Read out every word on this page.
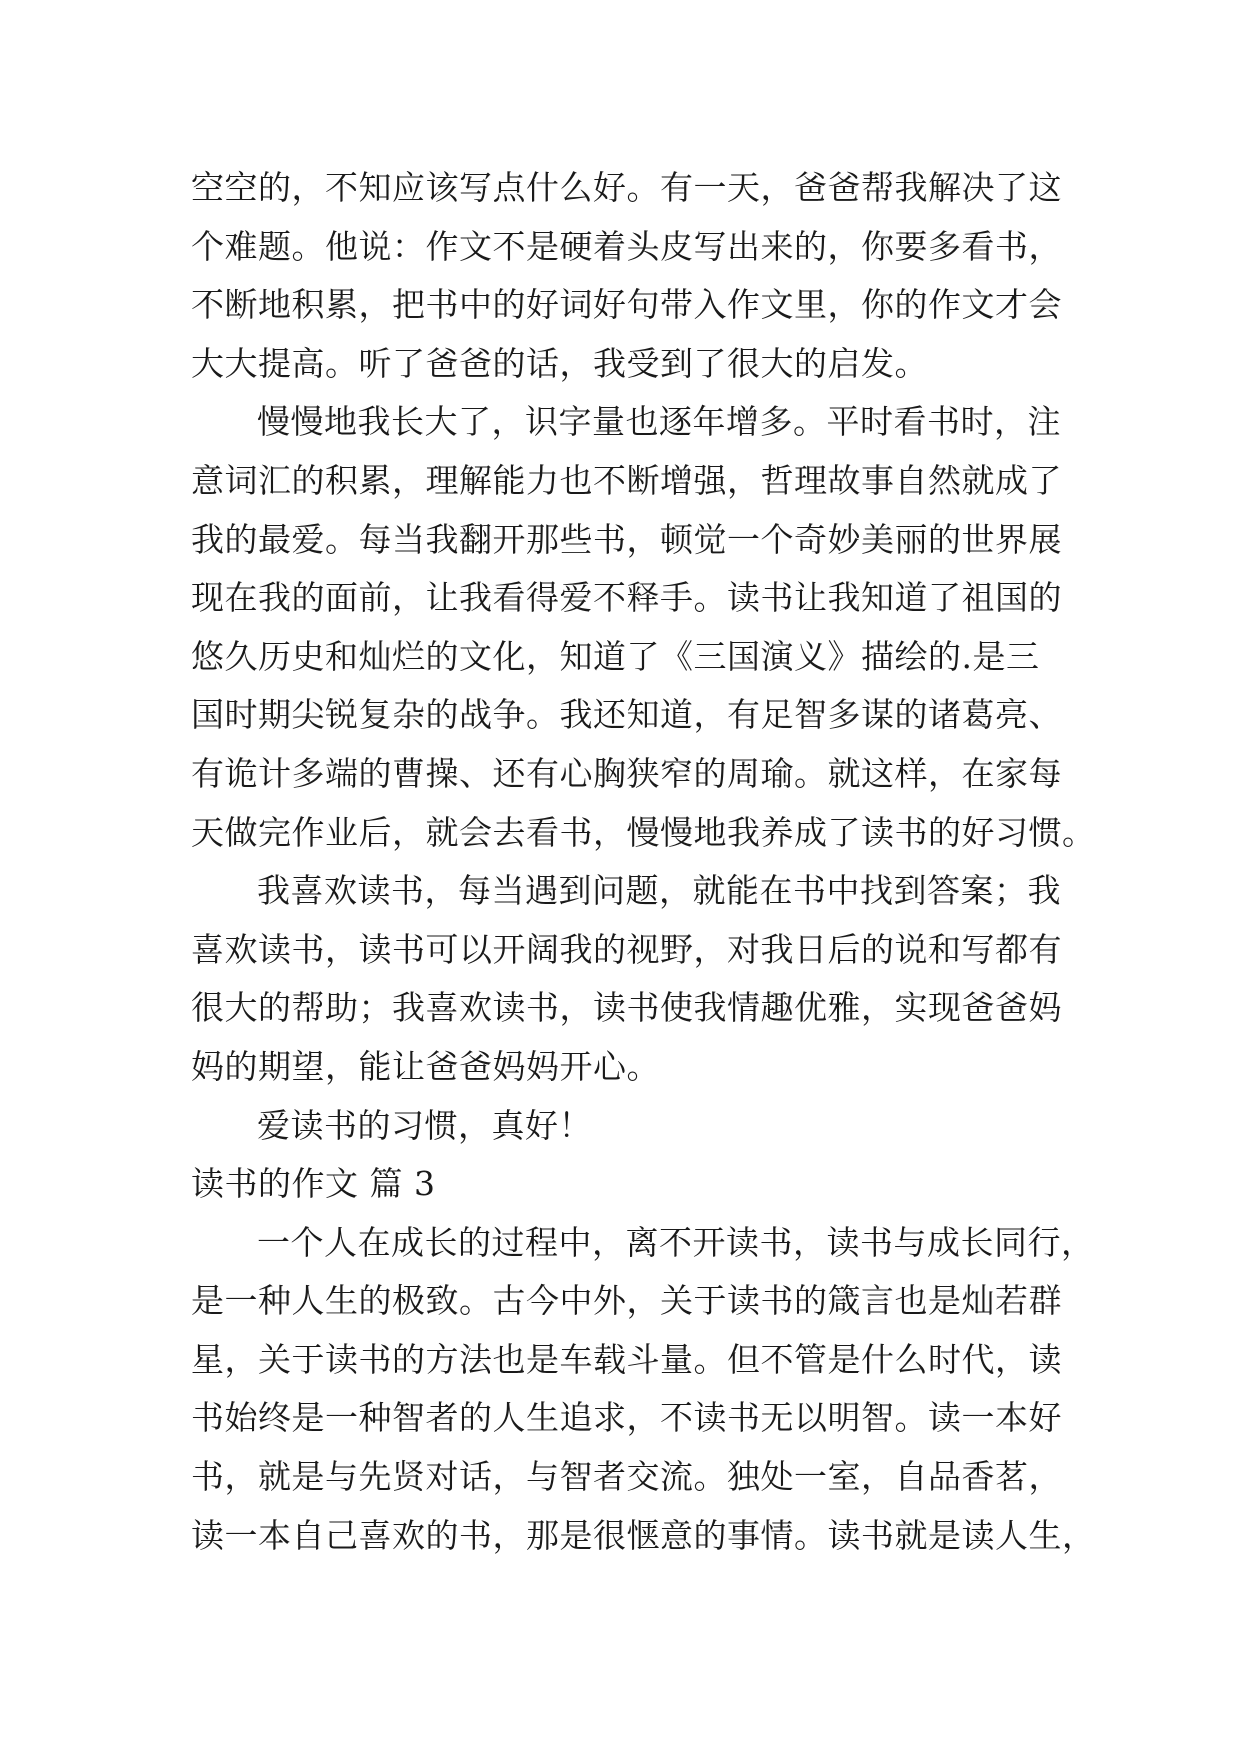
空空的，不知应该写点什么好。有一天，爸爸帮我解决了这
个难题。他说：作文不是硬着头皮写出来的，你要多看书，
不断地积累，把书中的好词好句带入作文里，你的作文才会
大大提高。听了爸爸的话，我受到了很大的启发。
慢慢地我长大了，识字量也逐年增多。平时看书时，注
意词汇的积累，理解能力也不断增强，哲理故事自然就成了
我的最爱。每当我翻开那些书，顿觉一个奇妙美丽的世界展
现在我的面前，让我看得爱不释手。读书让我知道了祖国的
悠久历史和灿烂的文化，知道了《三国演义》描绘的.是三
国时期尖锐复杂的战争。我还知道，有足智多谋的诸葛亮、
有诡计多端的曹操、还有心胸狭窄的周瑜。就这样，在家每
天做完作业后，就会去看书，慢慢地我养成了读书的好习惯。
我喜欢读书，每当遇到问题，就能在书中找到答案；我
喜欢读书，读书可以开阔我的视野，对我日后的说和写都有
很大的帮助；我喜欢读书，读书使我情趣优雅，实现爸爸妈
妈的期望，能让爸爸妈妈开心。
爱读书的习惯，真好！
读书的作文 篇 3
一个人在成长的过程中，离不开读书，读书与成长同行，
是一种人生的极致。古今中外，关于读书的箴言也是灿若群
星，关于读书的方法也是车载斗量。但不管是什么时代，读
书始终是一种智者的人生追求，不读书无以明智。读一本好
书，就是与先贤对话，与智者交流。独处一室，自品香茗，
读一本自己喜欢的书，那是很惬意的事情。读书就是读人生，
